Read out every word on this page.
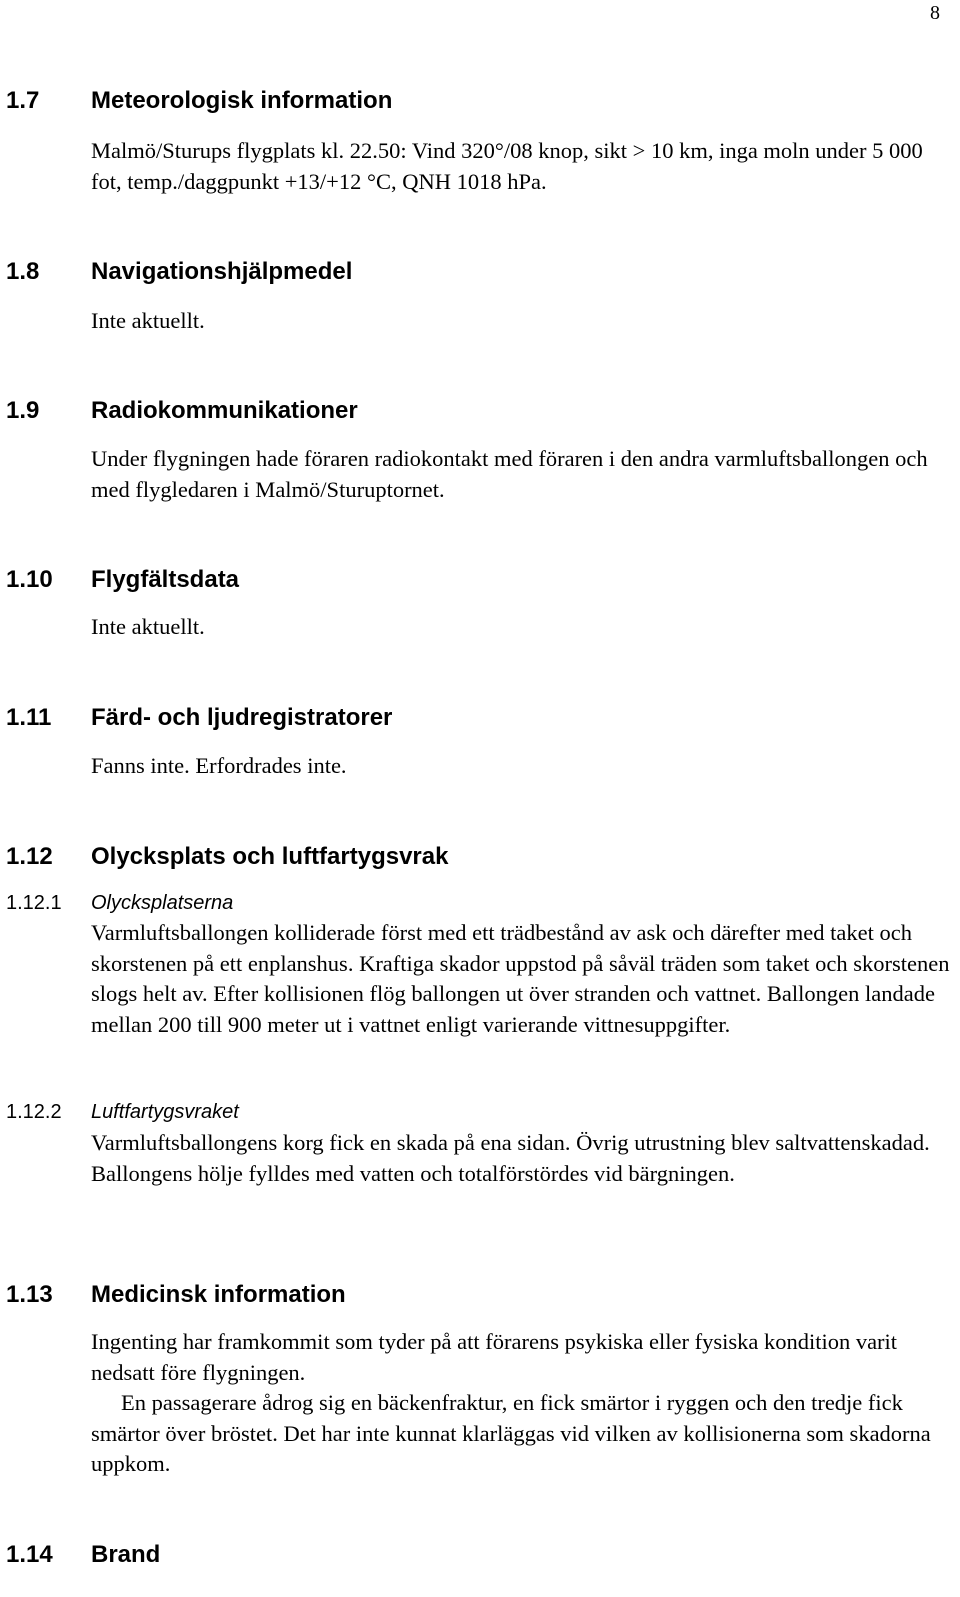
8
1.7 Meteorologisk information

Malmö/Sturups flygplats kl. 22.50: Vind 320°/08 knop, sikt > 10 km, inga moln under 5 000 fot, temp./daggpunkt +13/+12 °C, QNH 1018 hPa.

1.8 Navigationshjälpmedel

Inte aktuellt.

1.9 Radiokommunikationer

Under flygningen hade föraren radiokontakt med föraren i den andra varmluftsballongen och med flygledaren i Malmö/Sturuptornet.

1.10 Flygfältsdata

Inte aktuellt.

1.11 Färd- och ljudregistratorer

Fanns inte. Erfordrades inte.

1.12 Olycksplats och luftfartygsvrak
1.12.1 Olycksplatserna

Varmluftsballongen kolliderade först med ett trädbestånd av ask och därefter med taket och skorstenen på ett enplanshus. Kraftiga skador uppstod på såväl träden som taket och skorstenen slogs helt av. Efter kollisionen flög ballongen ut över stranden och vattnet. Ballongen landade mellan 200 till 900 meter ut i vattnet enligt varierande vittnesuppgifter.

1.12.2 Luftfartygsvraket

Varmluftsballongens korg fick en skada på ena sidan. Övrig utrustning blev saltvattenskadad. Ballongens hölje fylldes med vatten och totalförstördes vid bärgningen.

1.13 Medicinsk information

Ingenting har framkommit som tyder på att förarens psykiska eller fysiska kondition varit nedsatt före flygningen.

En passagerare ådrog sig en bäckenfraktur, en fick smärtor i ryggen och den tredje fick smärtor över bröstet. Det har inte kunnat klarläggas vid vilken av kollisionerna som skadorna uppkom.

1.14 Brand
